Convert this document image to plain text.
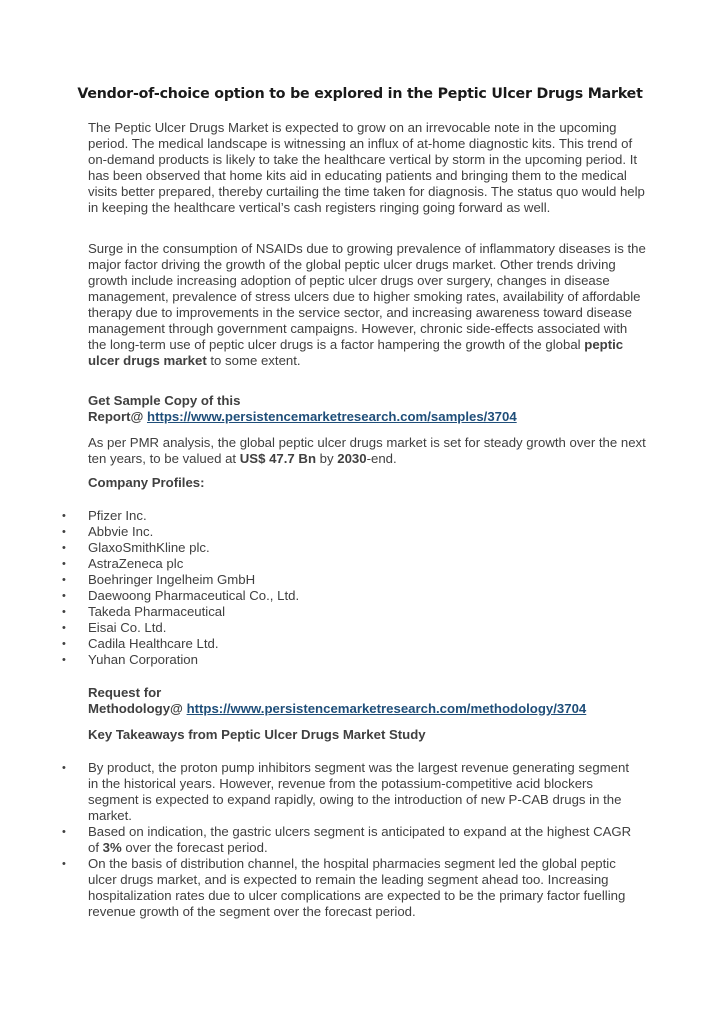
Vendor-of-choice option to be explored in the Peptic Ulcer Drugs Market

The Peptic Ulcer Drugs Market is expected to grow on an irrevocable note in the upcoming period. The medical landscape is witnessing an influx of at-home diagnostic kits. This trend of on-demand products is likely to take the healthcare vertical by storm in the upcoming period. It has been observed that home kits aid in educating patients and bringing them to the medical visits better prepared, thereby curtailing the time taken for diagnosis. The status quo would help in keeping the healthcare vertical’s cash registers ringing going forward as well.

Surge in the consumption of NSAIDs due to growing prevalence of inflammatory diseases is the major factor driving the growth of the global peptic ulcer drugs market. Other trends driving growth include increasing adoption of peptic ulcer drugs over surgery, changes in disease management, prevalence of stress ulcers due to higher smoking rates, availability of affordable therapy due to improvements in the service sector, and increasing awareness toward disease management through government campaigns. However, chronic side-effects associated with the long-term use of peptic ulcer drugs is a factor hampering the growth of the global peptic ulcer drugs market to some extent.

Get Sample Copy of this
Report@ https://www.persistencemarketresearch.com/samples/3704

As per PMR analysis, the global peptic ulcer drugs market is set for steady growth over the next ten years, to be valued at US$ 47.7 Bn by 2030-end.

Company Profiles:

• Pfizer Inc.
• Abbvie Inc.
• GlaxoSmithKline plc.
• AstraZeneca plc
• Boehringer Ingelheim GmbH
• Daewoong Pharmaceutical Co., Ltd.
• Takeda Pharmaceutical
• Eisai Co. Ltd.
• Cadila Healthcare Ltd.
• Yuhan Corporation

Request for
Methodology@ https://www.persistencemarketresearch.com/methodology/3704

Key Takeaways from Peptic Ulcer Drugs Market Study

• By product, the proton pump inhibitors segment was the largest revenue generating segment in the historical years. However, revenue from the potassium-competitive acid blockers segment is expected to expand rapidly, owing to the introduction of new P-CAB drugs in the market.
• Based on indication, the gastric ulcers segment is anticipated to expand at the highest CAGR of 3% over the forecast period.
• On the basis of distribution channel, the hospital pharmacies segment led the global peptic ulcer drugs market, and is expected to remain the leading segment ahead too. Increasing hospitalization rates due to ulcer complications are expected to be the primary factor fuelling revenue growth of the segment over the forecast period.
